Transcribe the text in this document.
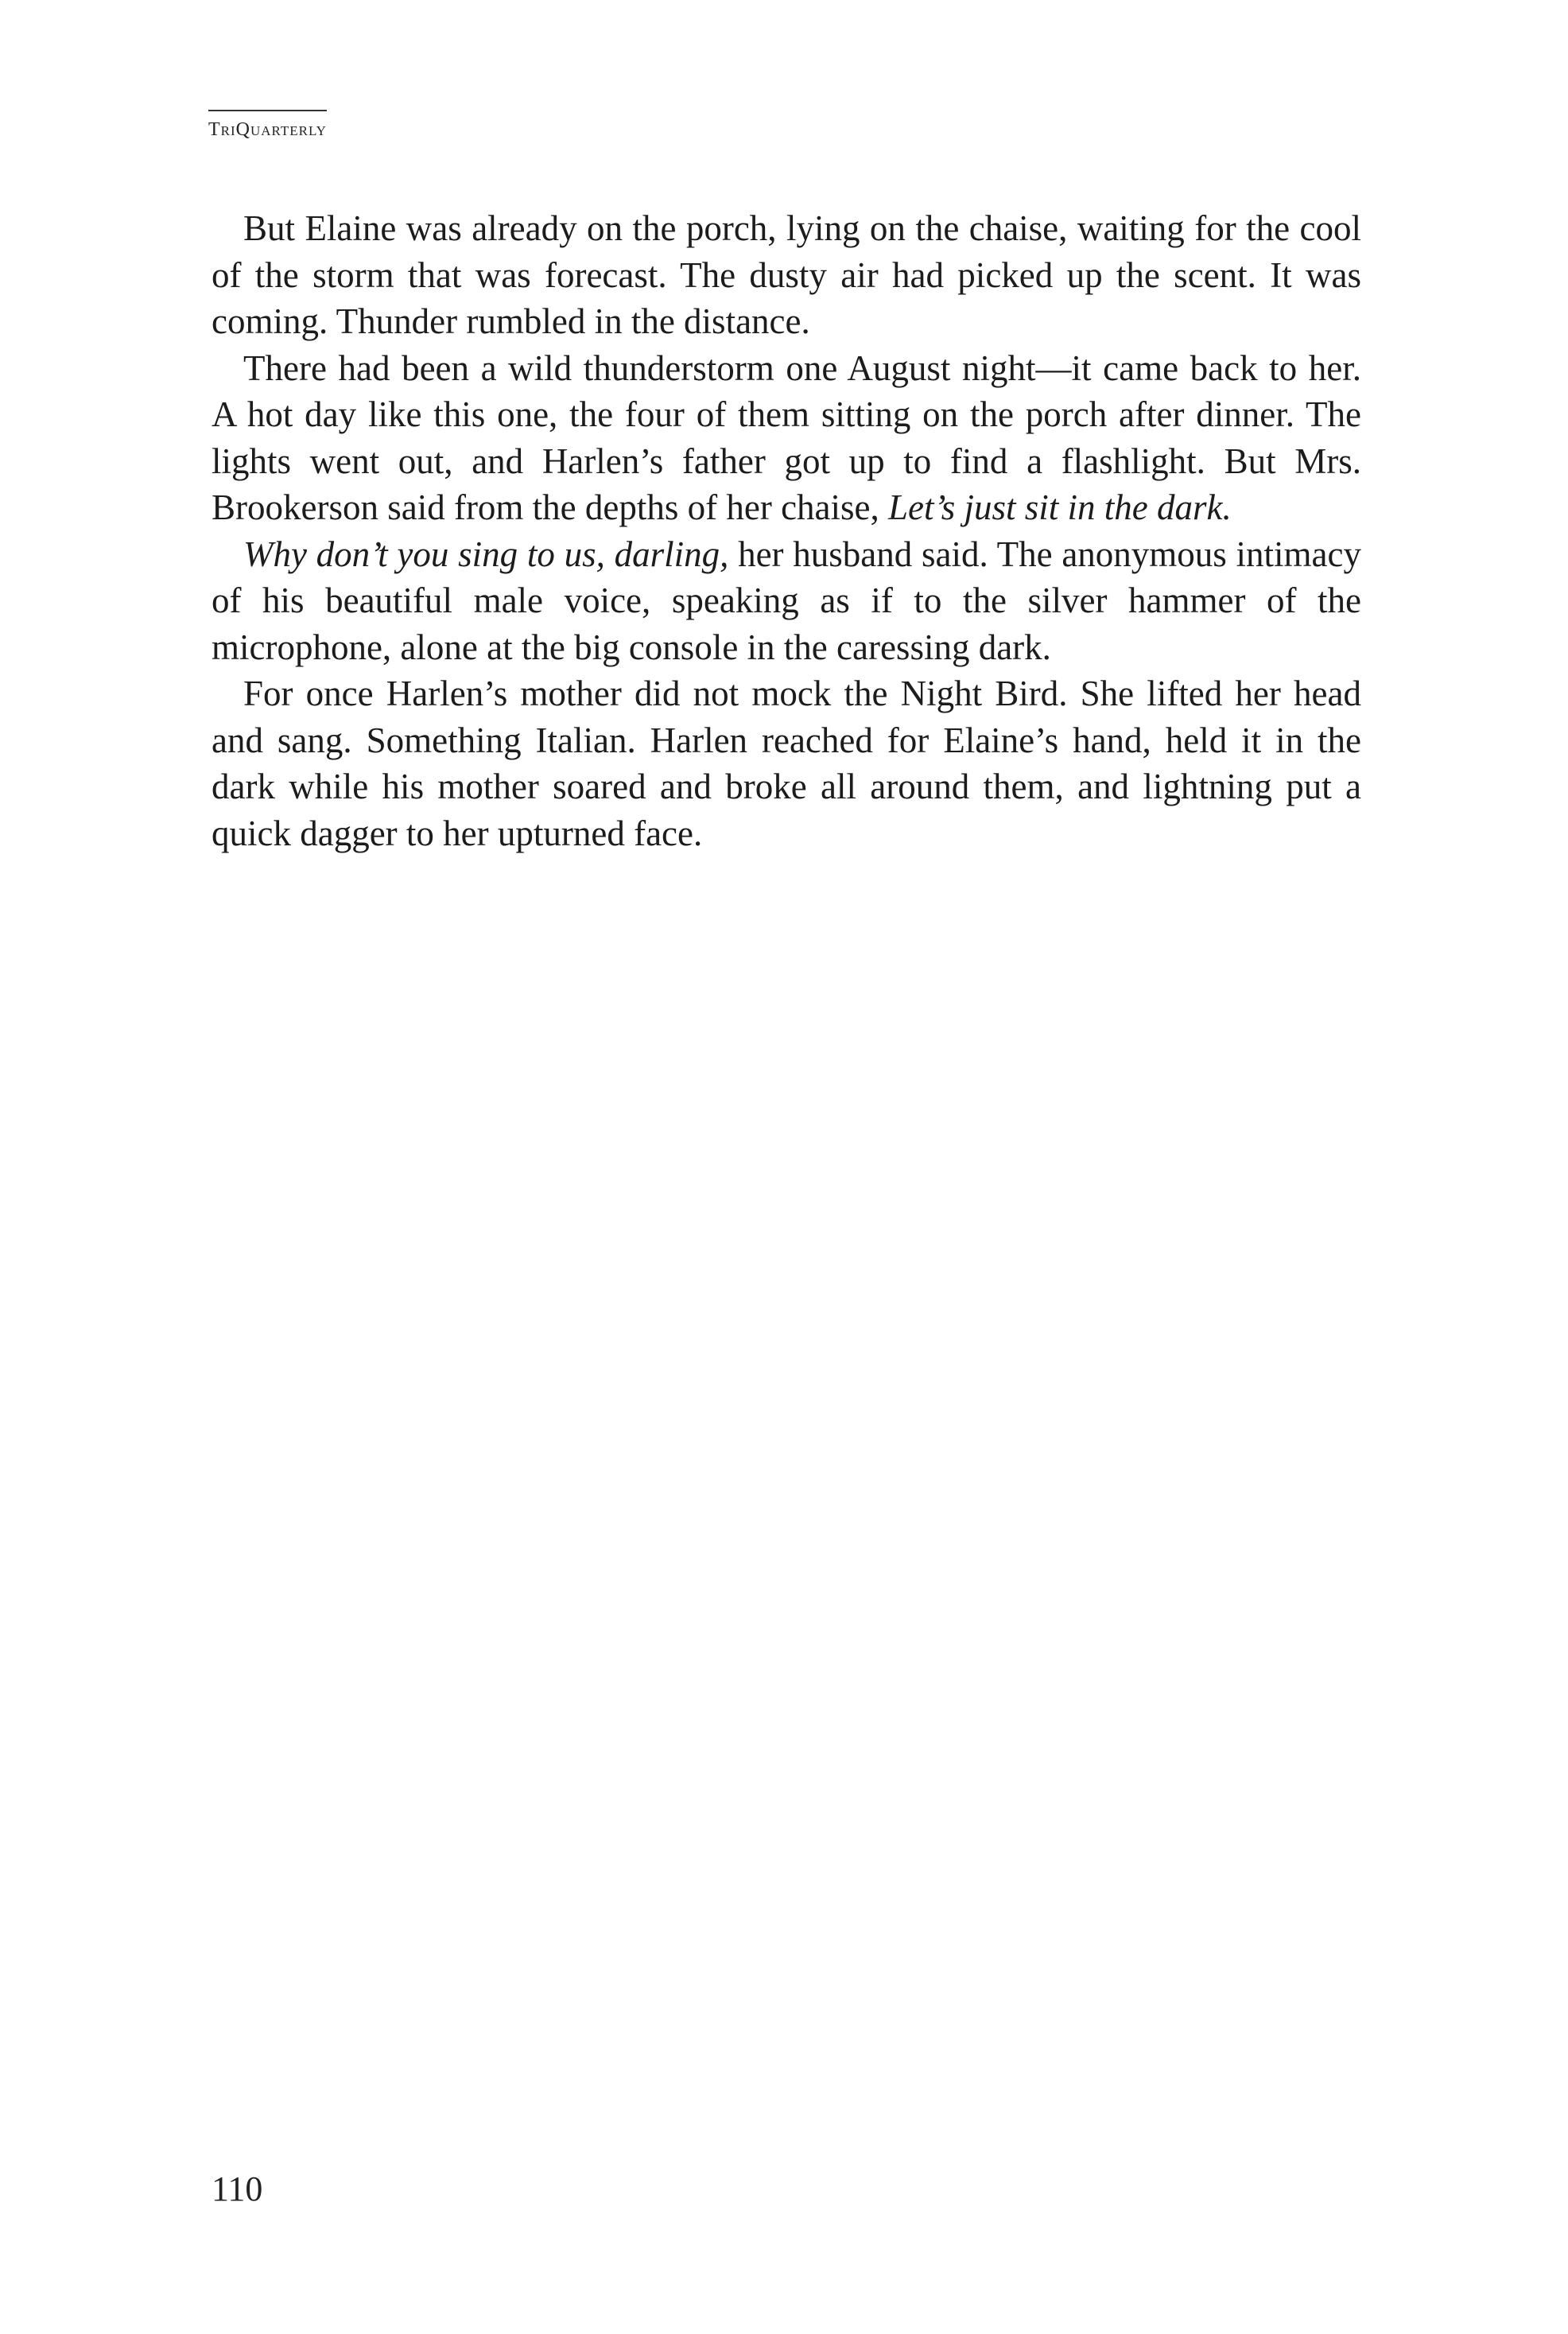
TriQuarterly

But Elaine was already on the porch, lying on the chaise, waiting for the cool of the storm that was forecast. The dusty air had picked up the scent. It was coming. Thunder rumbled in the distance.

There had been a wild thunderstorm one August night—it came back to her. A hot day like this one, the four of them sitting on the porch after dinner. The lights went out, and Harlen’s father got up to find a flashlight. But Mrs. Brookerson said from the depths of her chaise, Let’s just sit in the dark.

Why don’t you sing to us, darling, her husband said. The anonymous intimacy of his beautiful male voice, speaking as if to the silver hammer of the microphone, alone at the big console in the caressing dark.

For once Harlen’s mother did not mock the Night Bird. She lifted her head and sang. Something Italian. Harlen reached for Elaine’s hand, held it in the dark while his mother soared and broke all around them, and lightning put a quick dagger to her upturned face.

110
